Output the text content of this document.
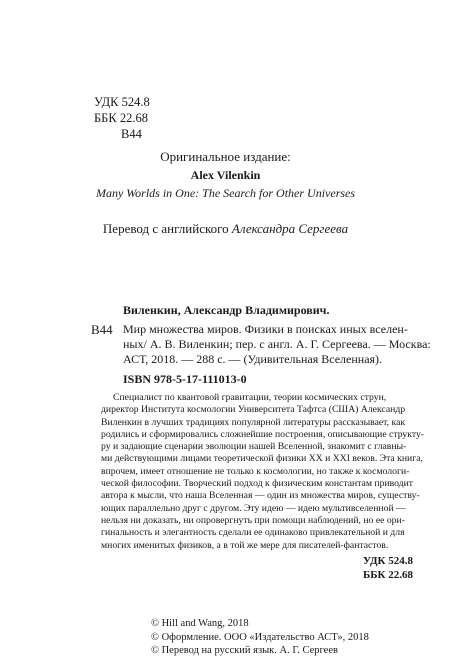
УДК 524.8
ББК 22.68
В44
Оригинальное издание:
Alex Vilenkin
Many Worlds in One: The Search for Other Universes
Перевод с английского Александра Сергеева
Виленкин, Александр Владимирович.
В44 Мир множества миров. Физики в поисках иных вселен-
ных/ А. В. Виленкин; пер. с англ. А. Г. Сергеева. — Москва:
АСТ, 2018. — 288 с. — (Удивительная Вселенная).
ISBN 978-5-17-111013-0
Специалист по квантовой гравитации, теории космических струн,
директор Института космологии Университета Тафтса (США) Александр
Виленкин в лучших традициях популярной литературы рассказывает, как
родились и сформировались сложнейшие построения, описывающие структу-
ру и задающие сценарии эволюции нашей Вселенной, знакомит с главны-
ми действующими лицами теоретической физики XX и XXI веков. Эта книга,
впрочем, имеет отношение не только к космологии, но также к космологи-
ческой философии. Творческий подход к физическим константам приводит
автора к мысли, что наша Вселенная — один из множества миров, существу-
ющих параллельно друг с другом. Эту идею — идею мультивселенной —
нельзя ни доказать, ни опровергнуть при помощи наблюдений, но ее ори-
гинальность и элегантность сделали ее одинаково привлекательной и для
многих именитых физиков, а в той же мере для писателей-фантастов.
УДК 524.8
ББК 22.68
© Hill and Wang, 2018
© Оформление. ООО «Издательство АСТ», 2018
© Перевод на русский язык. А. Г. Сергеев
